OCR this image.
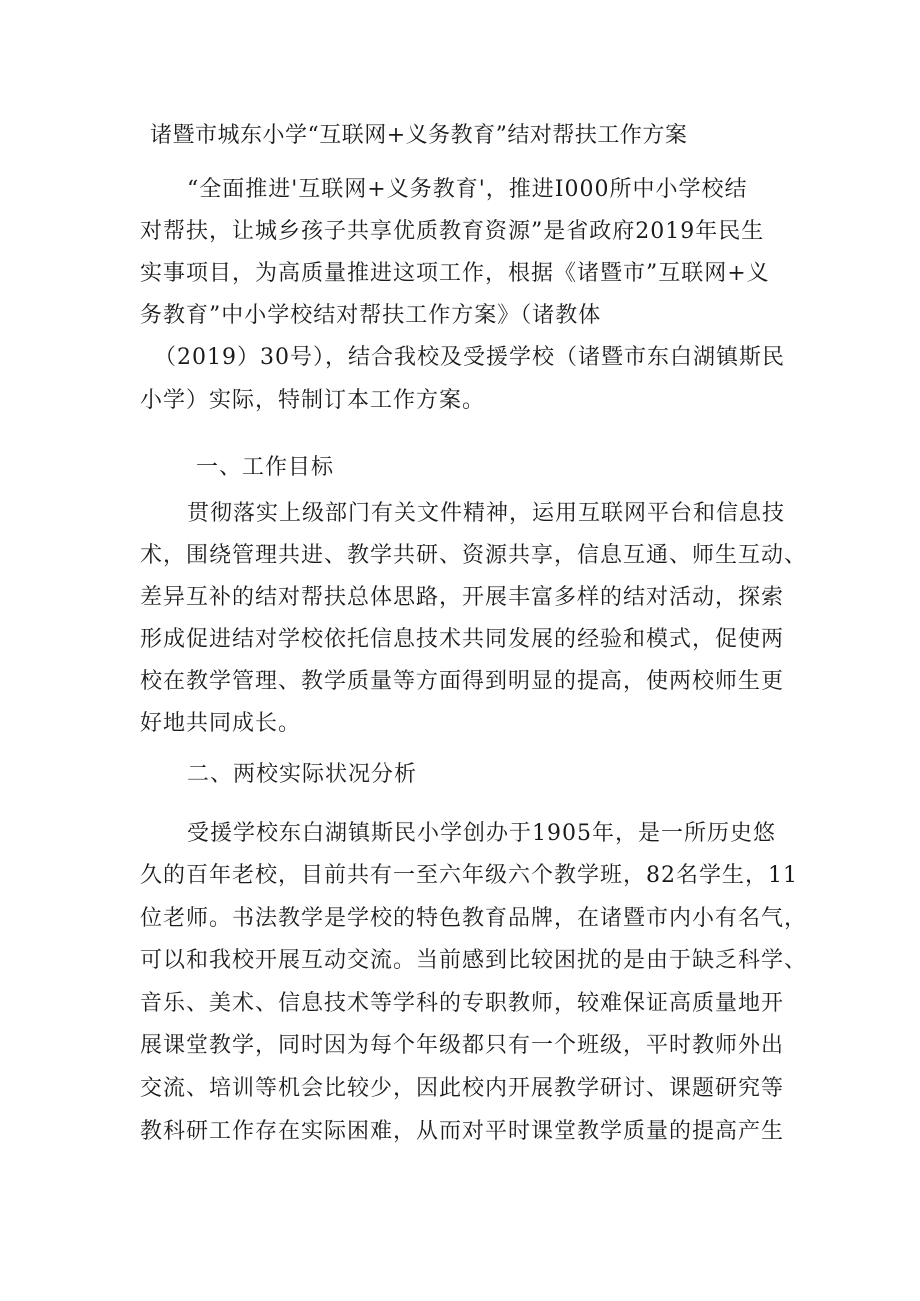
诸暨市城东小学“互联网+义务教育”结对帮扶工作方案
“全面推进'互联网+义务教育'，推进I000所中小学校结
对帮扶，让城乡孩子共享优质教育资源”是省政府2019年民生
实事项目，为高质量推进这项工作，根据《诸暨市”互联网+义
务教育”中小学校结对帮扶工作方案》（诸教体
（2019）30号），结合我校及受援学校（诸暨市东白湖镇斯民
小学）实际，特制订本工作方案。
一、工作目标
贯彻落实上级部门有关文件精神，运用互联网平台和信息技
术，围绕管理共进、教学共研、资源共享，信息互通、师生互动、
差异互补的结对帮扶总体思路，开展丰富多样的结对活动，探索
形成促进结对学校依托信息技术共同发展的经验和模式，促使两
校在教学管理、教学质量等方面得到明显的提高，使两校师生更
好地共同成长。
二、两校实际状况分析
受援学校东白湖镇斯民小学创办于1905年，是一所历史悠
久的百年老校，目前共有一至六年级六个教学班，82名学生，11
位老师。书法教学是学校的特色教育品牌，在诸暨市内小有名气，
可以和我校开展互动交流。当前感到比较困扰的是由于缺乏科学、
音乐、美术、信息技术等学科的专职教师，较难保证高质量地开
展课堂教学，同时因为每个年级都只有一个班级，平时教师外出
交流、培训等机会比较少，因此校内开展教学研讨、课题研究等
教科研工作存在实际困难，从而对平时课堂教学质量的提高产生
